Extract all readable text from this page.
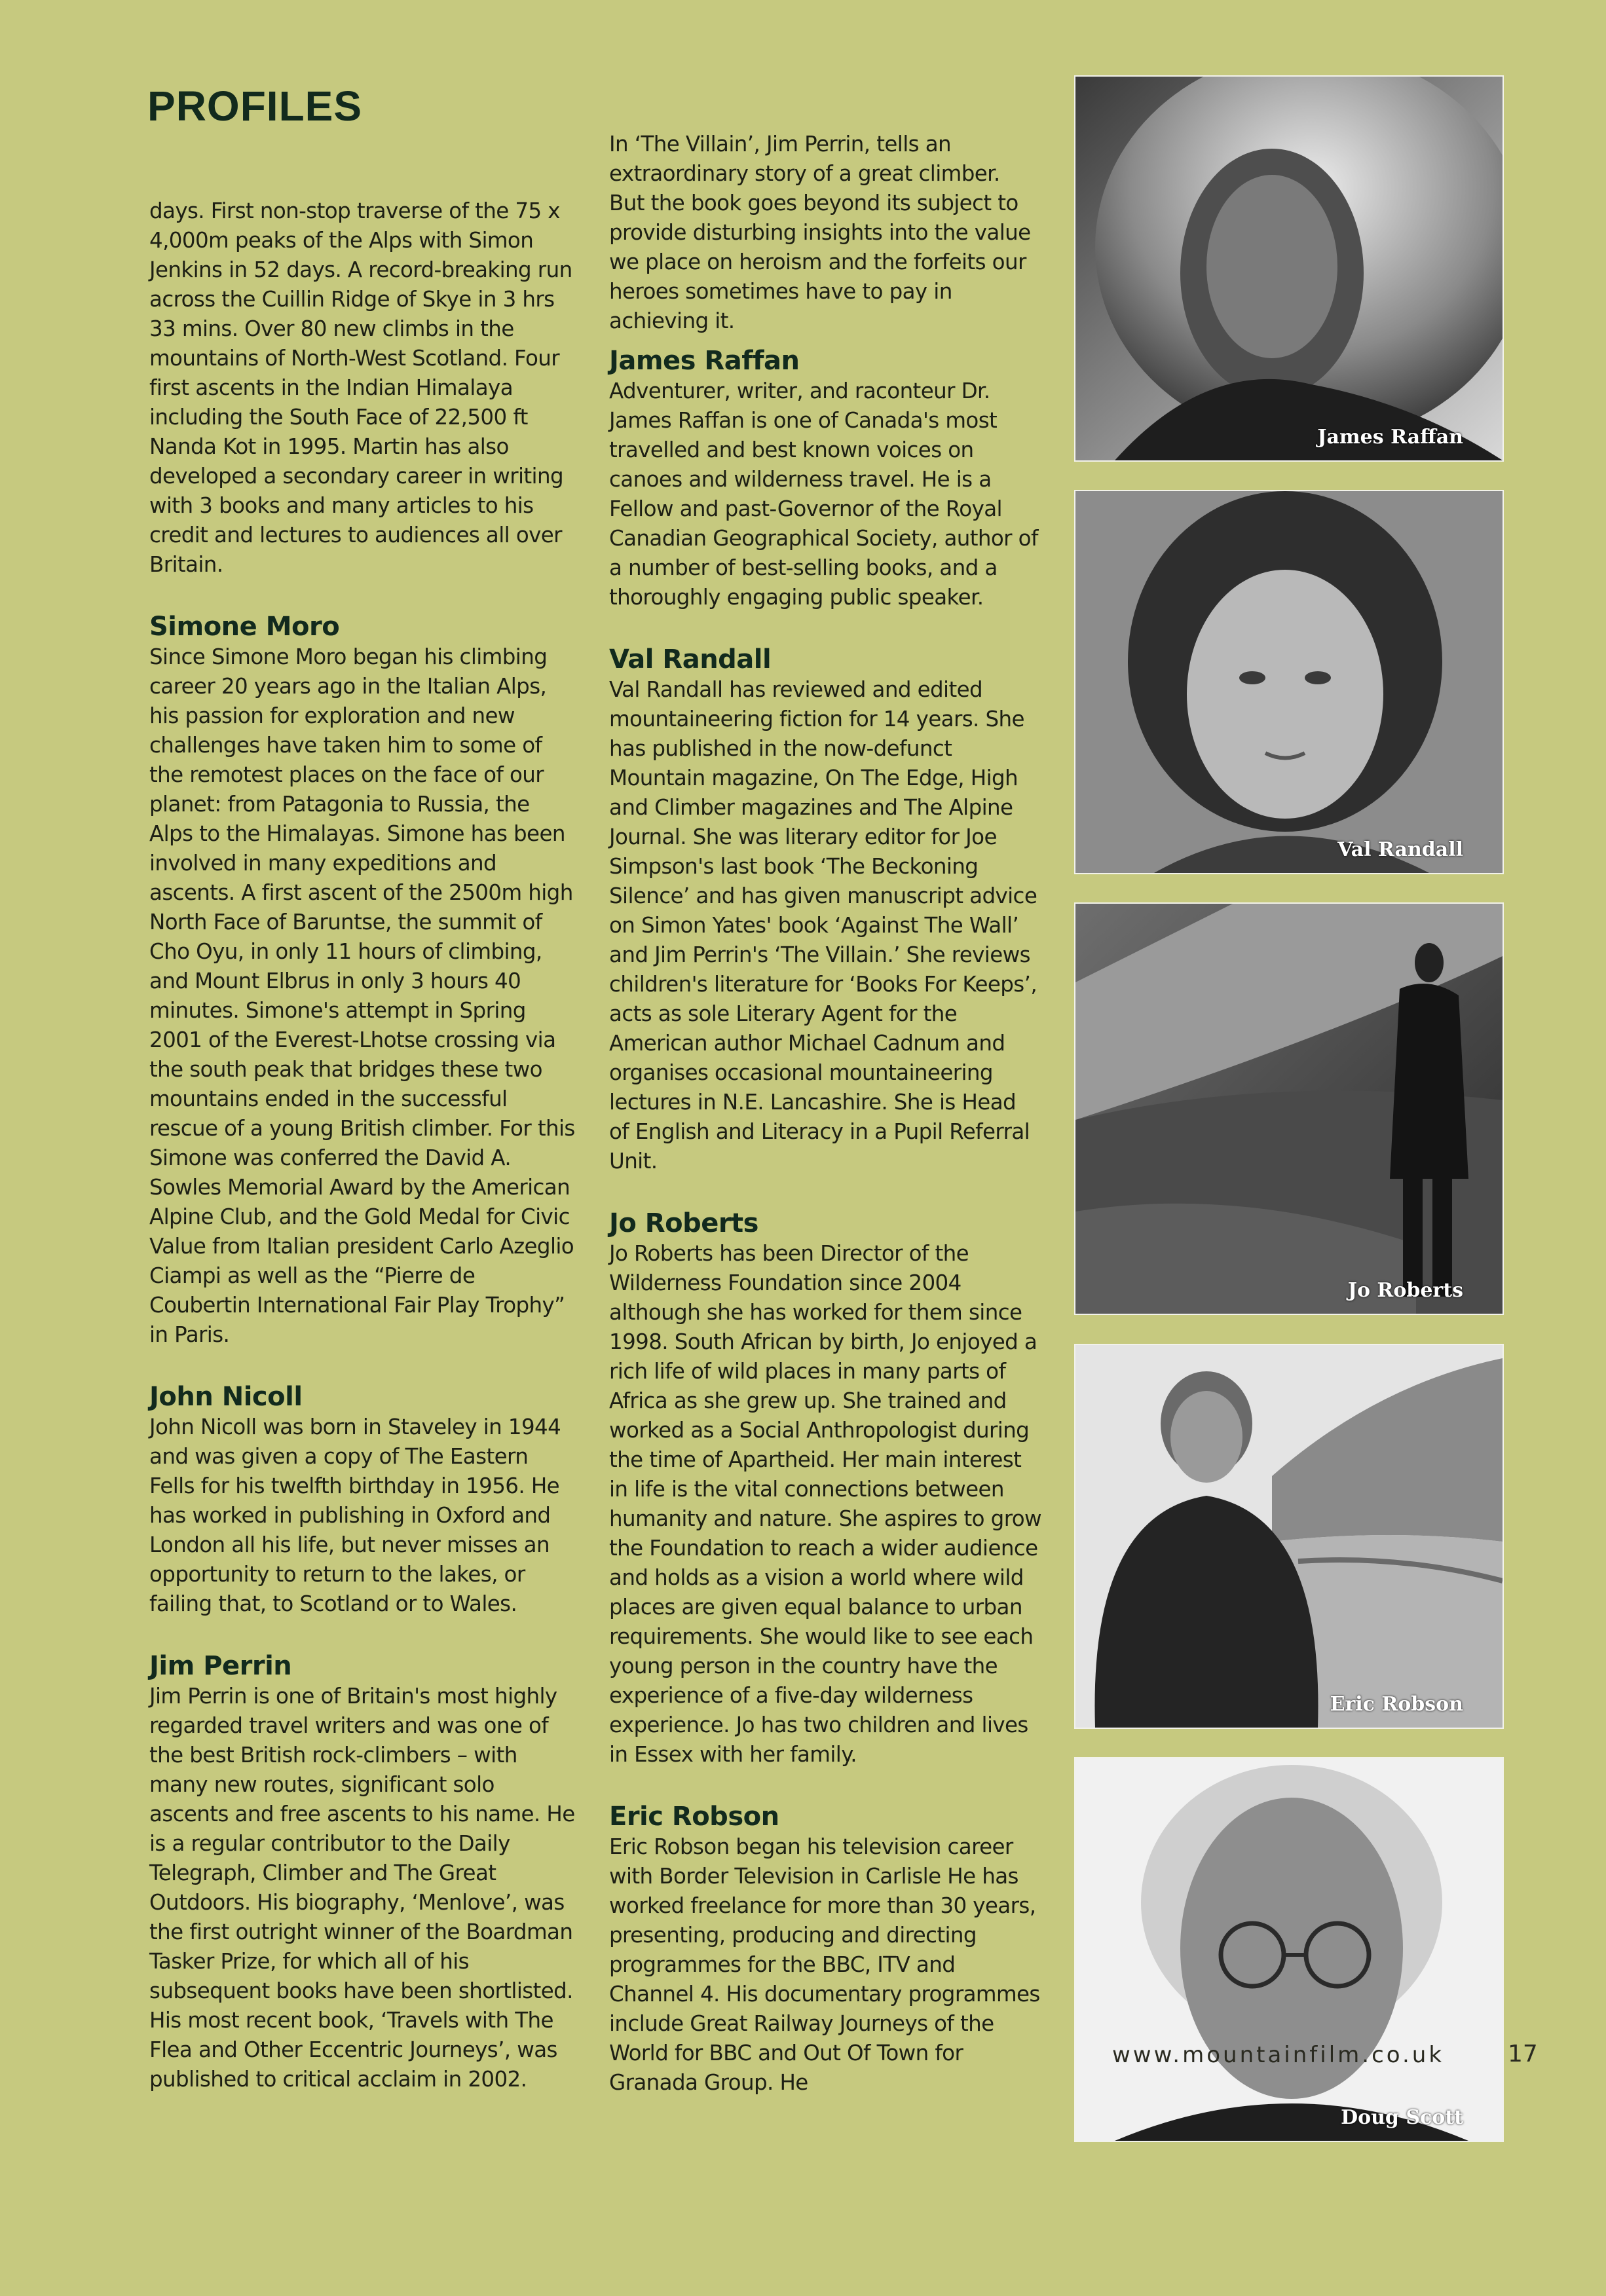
PROFILES

days. First non-stop traverse of the 75 x 4,000m peaks of the Alps with Simon Jenkins in 52 days. A record-breaking run across the Cuillin Ridge of Skye in 3 hrs 33 mins. Over 80 new climbs in the mountains of North-West Scotland. Four first ascents in the Indian Himalaya including the South Face of 22,500 ft Nanda Kot in 1995. Martin has also developed a secondary career in writing with 3 books and many articles to his credit and lectures to audiences all over Britain.

Simone Moro

Since Simone Moro began his climbing career 20 years ago in the Italian Alps, his passion for exploration and new challenges have taken him to some of the remotest places on the face of our planet: from Patagonia to Russia, the Alps to the Himalayas. Simone has been involved in many expeditions and ascents. A first ascent of the 2500m high North Face of Baruntse, the summit of Cho Oyu, in only 11 hours of climbing, and Mount Elbrus in only 3 hours 40 minutes. Simone's attempt in Spring 2001 of the Everest-Lhotse crossing via the south peak that bridges these two mountains ended in the successful rescue of a young British climber. For this Simone was conferred the David A. Sowles Memorial Award by the American Alpine Club, and the Gold Medal for Civic Value from Italian president Carlo Azeglio Ciampi as well as the “Pierre de Coubertin International Fair Play Trophy” in Paris.

John Nicoll

John Nicoll was born in Staveley in 1944 and was given a copy of The Eastern Fells for his twelfth birthday in 1956. He has worked in publishing in Oxford and London all his life, but never misses an opportunity to return to the lakes, or failing that, to Scotland or to Wales.

Jim Perrin

Jim Perrin is one of Britain's most highly regarded travel writers and was one of the best British rock-climbers – with many new routes, significant solo ascents and free ascents to his name. He is a regular contributor to the Daily Telegraph, Climber and The Great Outdoors. His biography, ‘Menlove’, was the first outright winner of the Boardman Tasker Prize, for which all of his subsequent books have been shortlisted. His most recent book, ‘Travels with The Flea and Other Eccentric Journeys’, was published to critical acclaim in 2002.

In ‘The Villain’, Jim Perrin, tells an extraordinary story of a great climber. But the book goes beyond its subject to provide disturbing insights into the value we place on heroism and the forfeits our heroes sometimes have to pay in achieving it.

James Raffan

Adventurer, writer, and raconteur Dr. James Raffan is one of Canada's most travelled and best known voices on canoes and wilderness travel. He is a Fellow and past-Governor of the Royal Canadian Geographical Society, author of a number of best-selling books, and a thoroughly engaging public speaker.

Val Randall

Val Randall has reviewed and edited mountaineering fiction for 14 years. She has published in the now-defunct Mountain magazine, On The Edge, High and Climber magazines and The Alpine Journal. She was literary editor for Joe Simpson's last book ‘The Beckoning Silence’ and has given manuscript advice on Simon Yates' book ‘Against The Wall’ and Jim Perrin's ‘The Villain.’ She reviews children's literature for ‘Books For Keeps’, acts as sole Literary Agent for the American author Michael Cadnum and organises occasional mountaineering lectures in N.E. Lancashire. She is Head of English and Literacy in a Pupil Referral Unit.

Jo Roberts

Jo Roberts has been Director of the Wilderness Foundation since 2004 although she has worked for them since 1998. South African by birth, Jo enjoyed a rich life of wild places in many parts of Africa as she grew up. She trained and worked as a Social Anthropologist during the time of Apartheid. Her main interest in life is the vital connections between humanity and nature. She aspires to grow the Foundation to reach a wider audience and holds as a vision a world where wild places are given equal balance to urban requirements. She would like to see each young person in the country have the experience of a five-day wilderness experience. Jo has two children and lives in Essex with her family.

Eric Robson

Eric Robson began his television career with Border Television in Carlisle He has worked freelance for more than 30 years, presenting, producing and directing programmes for the BBC, ITV and Channel 4. His documentary programmes include Great Railway Journeys of the World for BBC and Out Of Town for Granada Group. He

James Raffan
Val Randall
Jo Roberts
Eric Robson
Doug Scott
www.mountainfilm.co.uk	17
